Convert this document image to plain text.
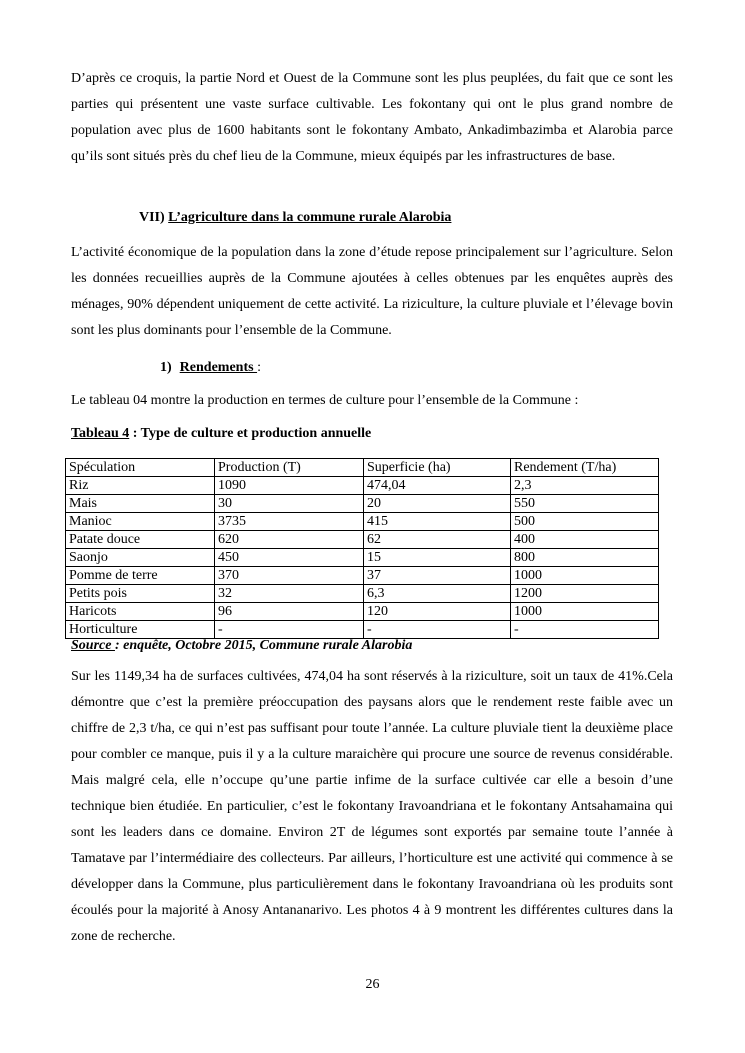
D’après ce croquis, la partie Nord et Ouest de la Commune sont les plus peuplées, du fait que ce sont les parties qui présentent une vaste surface cultivable. Les fokontany qui ont le plus grand nombre de population avec plus de 1600 habitants sont le fokontany Ambato, Ankadimbazimba et Alarobia parce qu’ils sont situés près du chef lieu de la Commune, mieux équipés par les infrastructures de base.

VII) L’agriculture dans la commune rurale Alarobia

L’activité économique de la population dans la zone d’étude repose principalement sur l’agriculture. Selon les données recueillies auprès de la Commune ajoutées à celles obtenues par les enquêtes auprès des ménages, 90% dépendent uniquement de cette activité. La riziculture, la culture pluviale et l’élevage bovin sont les plus dominants pour l’ensemble de la Commune.

1) Rendements :

Le tableau 04 montre la production en termes de culture pour l’ensemble de la Commune :

Tableau 4 : Type de culture et production annuelle

Spéculation	Production (T)	Superficie (ha)	Rendement (T/ha)
Riz	1090	474,04	2,3
Mais	30	20	550
Manioc	3735	415	500
Patate douce	620	62	400
Saonjo	450	15	800
Pomme de terre	370	37	1000
Petits pois	32	6,3	1200
Haricots	96	120	1000
Horticulture	-	-	-
Source : enquête, Octobre 2015, Commune rurale Alarobia

Sur les 1149,34 ha de surfaces cultivées, 474,04 ha sont réservés à la riziculture, soit un taux de 41%.Cela démontre que c’est la première préoccupation des paysans alors que le rendement reste faible avec un chiffre de 2,3 t/ha, ce qui n’est pas suffisant pour toute l’année. La culture pluviale tient la deuxième place pour combler ce manque, puis il y a la culture maraichère qui procure une source de revenus considérable. Mais malgré cela, elle n’occupe qu’une partie infime de la surface cultivée car elle a besoin d’une technique bien étudiée. En particulier, c’est le fokontany Iravoandriana et le fokontany Antsahamaina qui sont les leaders dans ce domaine. Environ 2T de légumes sont exportés par semaine toute l’année à Tamatave par l’intermédiaire des collecteurs. Par ailleurs, l’horticulture est une activité qui commence à se développer dans la Commune, plus particulièrement dans le fokontany Iravoandriana où les produits sont écoulés pour la majorité à Anosy Antananarivo. Les photos 4 à 9 montrent les différentes cultures dans la zone de recherche.

26
